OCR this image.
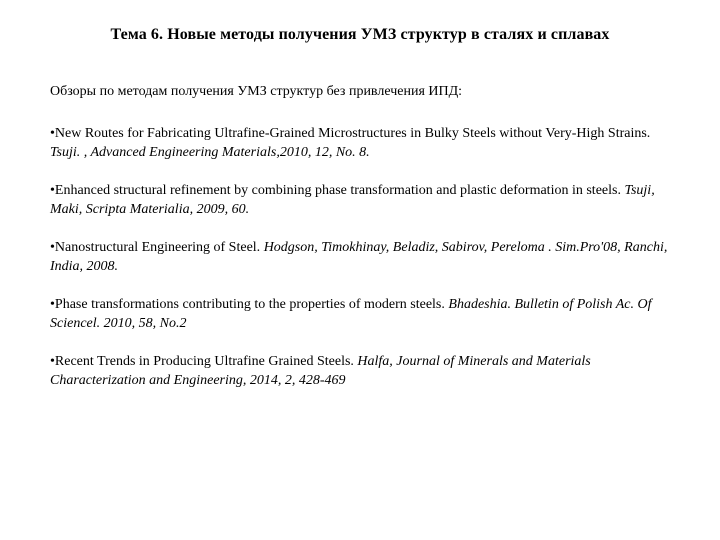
Тема 6. Новые методы получения УМЗ структур в сталях и сплавах
Обзоры по методам получения УМЗ структур без привлечения ИПД:
•New Routes for Fabricating Ultrafine-Grained Microstructures in Bulky Steels without Very-High Strains. Tsuji. , Advanced Engineering Materials,2010, 12, No. 8.
•Enhanced structural refinement by combining phase transformation and plastic deformation in steels. Tsuji, Maki, Scripta Materialia, 2009, 60.
•Nanostructural Engineering of Steel. Hodgson, Timokhinay, Beladiz, Sabirov, Pereloma . Sim.Pro'08, Ranchi, India, 2008.
•Phase transformations contributing to the properties of modern steels. Bhadeshia. Bulletin of Polish Ac. Of Sciencel. 2010, 58, No.2
•Recent Trends in Producing Ultrafine Grained Steels. Halfa, Journal of Minerals and Materials Characterization and Engineering, 2014, 2, 428-469
